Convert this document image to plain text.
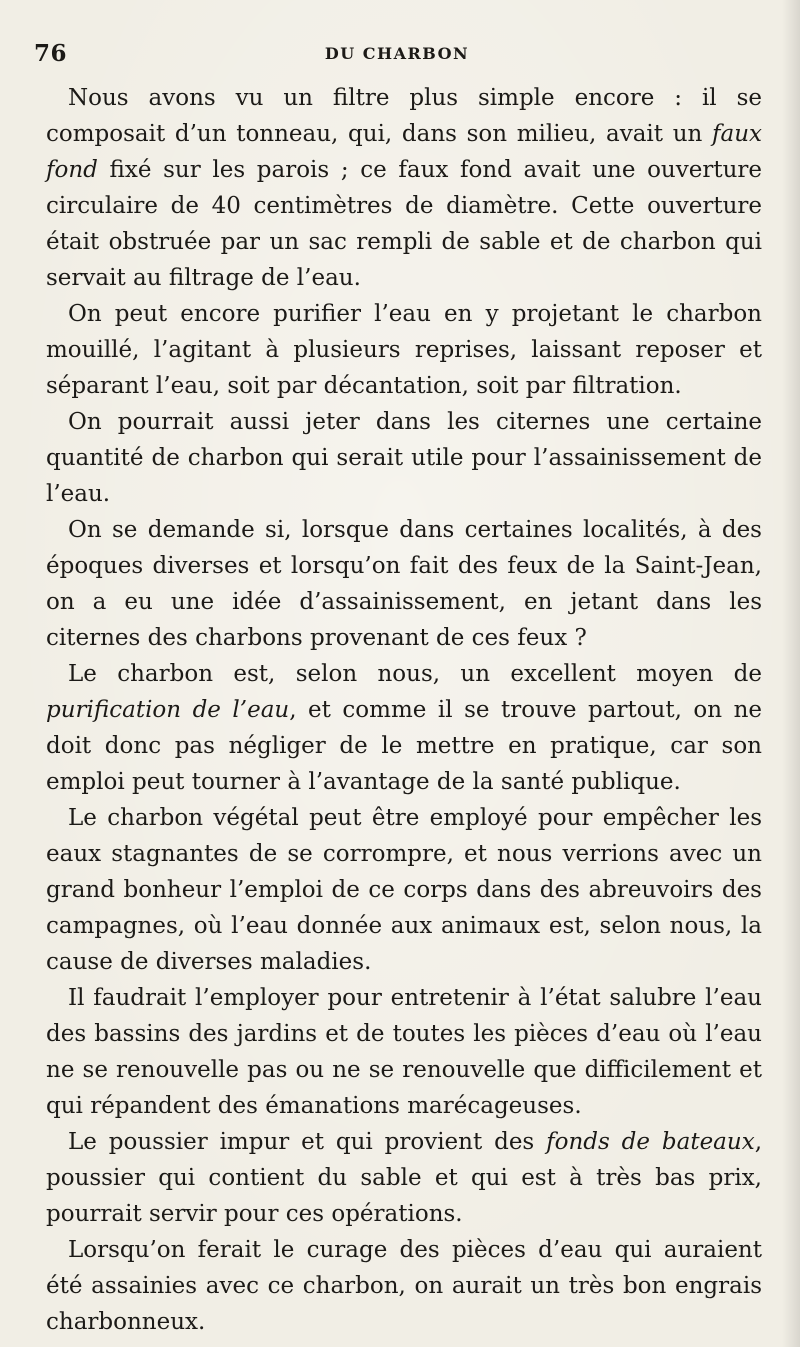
76	DU CHARBON

Nous avons vu un filtre plus simple encore : il se composait d’un tonneau, qui, dans son milieu, avait un faux fond fixé sur les parois ; ce faux fond avait une ouverture circulaire de 40 centimètres de diamètre. Cette ouverture était obstruée par un sac rempli de sable et de charbon qui servait au filtrage de l’eau.

On peut encore purifier l’eau en y projetant le charbon mouillé, l’agitant à plusieurs reprises, laissant reposer et séparant l’eau, soit par décantation, soit par filtration.

On pourrait aussi jeter dans les citernes une certaine quantité de charbon qui serait utile pour l’assainissement de l’eau.

On se demande si, lorsque dans certaines localités, à des époques diverses et lorsqu’on fait des feux de la Saint-Jean, on a eu une idée d’assainissement, en jetant dans les citernes des charbons provenant de ces feux ?

Le charbon est, selon nous, un excellent moyen de purification de l’eau, et comme il se trouve partout, on ne doit donc pas négliger de le mettre en pratique, car son emploi peut tourner à l’avantage de la santé publique.

Le charbon végétal peut être employé pour empêcher les eaux stagnantes de se corrompre, et nous verrions avec un grand bonheur l’emploi de ce corps dans des abreuvoirs des campagnes, où l’eau donnée aux animaux est, selon nous, la cause de diverses maladies.

Il faudrait l’employer pour entretenir à l’état salubre l’eau des bassins des jardins et de toutes les pièces d’eau où l’eau ne se renouvelle pas ou ne se renouvelle que difficilement et qui répandent des émanations marécageuses.

Le poussier impur et qui provient des fonds de bateaux, poussier qui contient du sable et qui est à très bas prix, pourrait servir pour ces opérations.

Lorsqu’on ferait le curage des pièces d’eau qui auraient été assainies avec ce charbon, on aurait un très bon engrais charbonneux.
